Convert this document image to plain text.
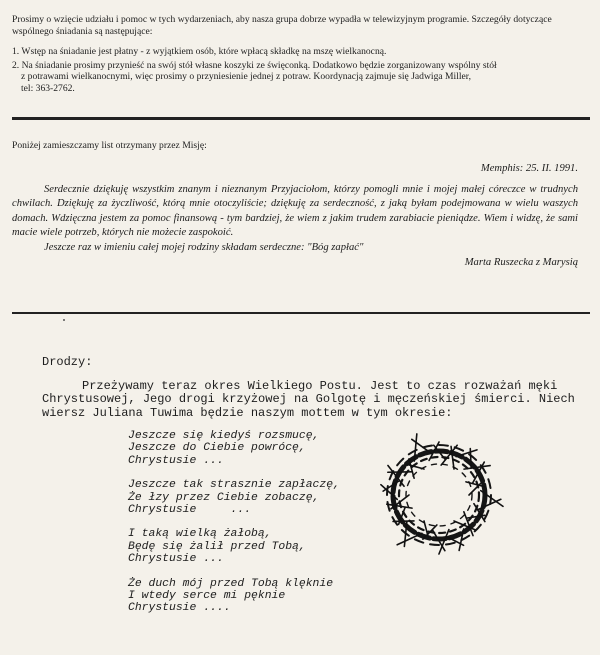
Prosimy o wzięcie udziału i pomoc w tych wydarzeniach, aby nasza grupa dobrze wypadła w telewizyjnym programie. Szczegóły dotyczące wspólnego śniadania są następujące:

1. Wstęp na śniadanie jest płatny - z wyjątkiem osób, które wpłacą składkę na mszę wielkanocną.
2. Na śniadanie prosimy przynieść na swój stół własne koszyki ze święconką. Dodatkowo będzie zorganizowany wspólny stół
z potrawami wielkanocnymi, więc prosimy o przyniesienie jednej z potraw. Koordynacją zajmuje się Jadwiga Miller,
tel: 363-2762.
Poniżej zamieszczamy list otrzymany przez Misję:

Memphis: 25. II. 1991.

Serdecznie dziękuję wszystkim znanym i nieznanym Przyjaciołom, którzy pomogli mnie i mojej małej córeczce w trudnych chwilach. Dziękuję za życzliwość, którą mnie otoczyliście; dziękuję za serdeczność, z jaką byłam podejmowana w wielu waszych domach. Wdzięczna jestem za pomoc finansową - tym bardziej, że wiem z jakim trudem zarabiacie pieniądze. Wiem i widzę, że sami macie wiele potrzeb, których nie możecie zaspokoić.

Jeszcze raz w imieniu całej mojej rodziny składam serdeczne: "Bóg zapłać"

Marta Ruszecka z Marysią

Drodzy:
Przeżywamy teraz okres Wielkiego Postu. Jest to czas rozważań męki
Chrystusowej, Jego drogi krzyżowej na Golgotę i męczeńskiej śmierci. Niech
wiersz Juliana Tuwima będzie naszym mottem w tym okresie:
Jeszcze się kiedyś rozsmucę,
Jeszcze do Ciebie powrócę,
Chrystusie ...
Jeszcze tak strasznie zapłaczę,
Że łzy przez Ciebie zobaczę,
Chrystusie     ...
I taką wielką żałobą,
Będę się żalił przed Tobą,
Chrystusie ...
Że duch mój przed Tobą klęknie
I wtedy serce mi pęknie
Chrystusie ....
